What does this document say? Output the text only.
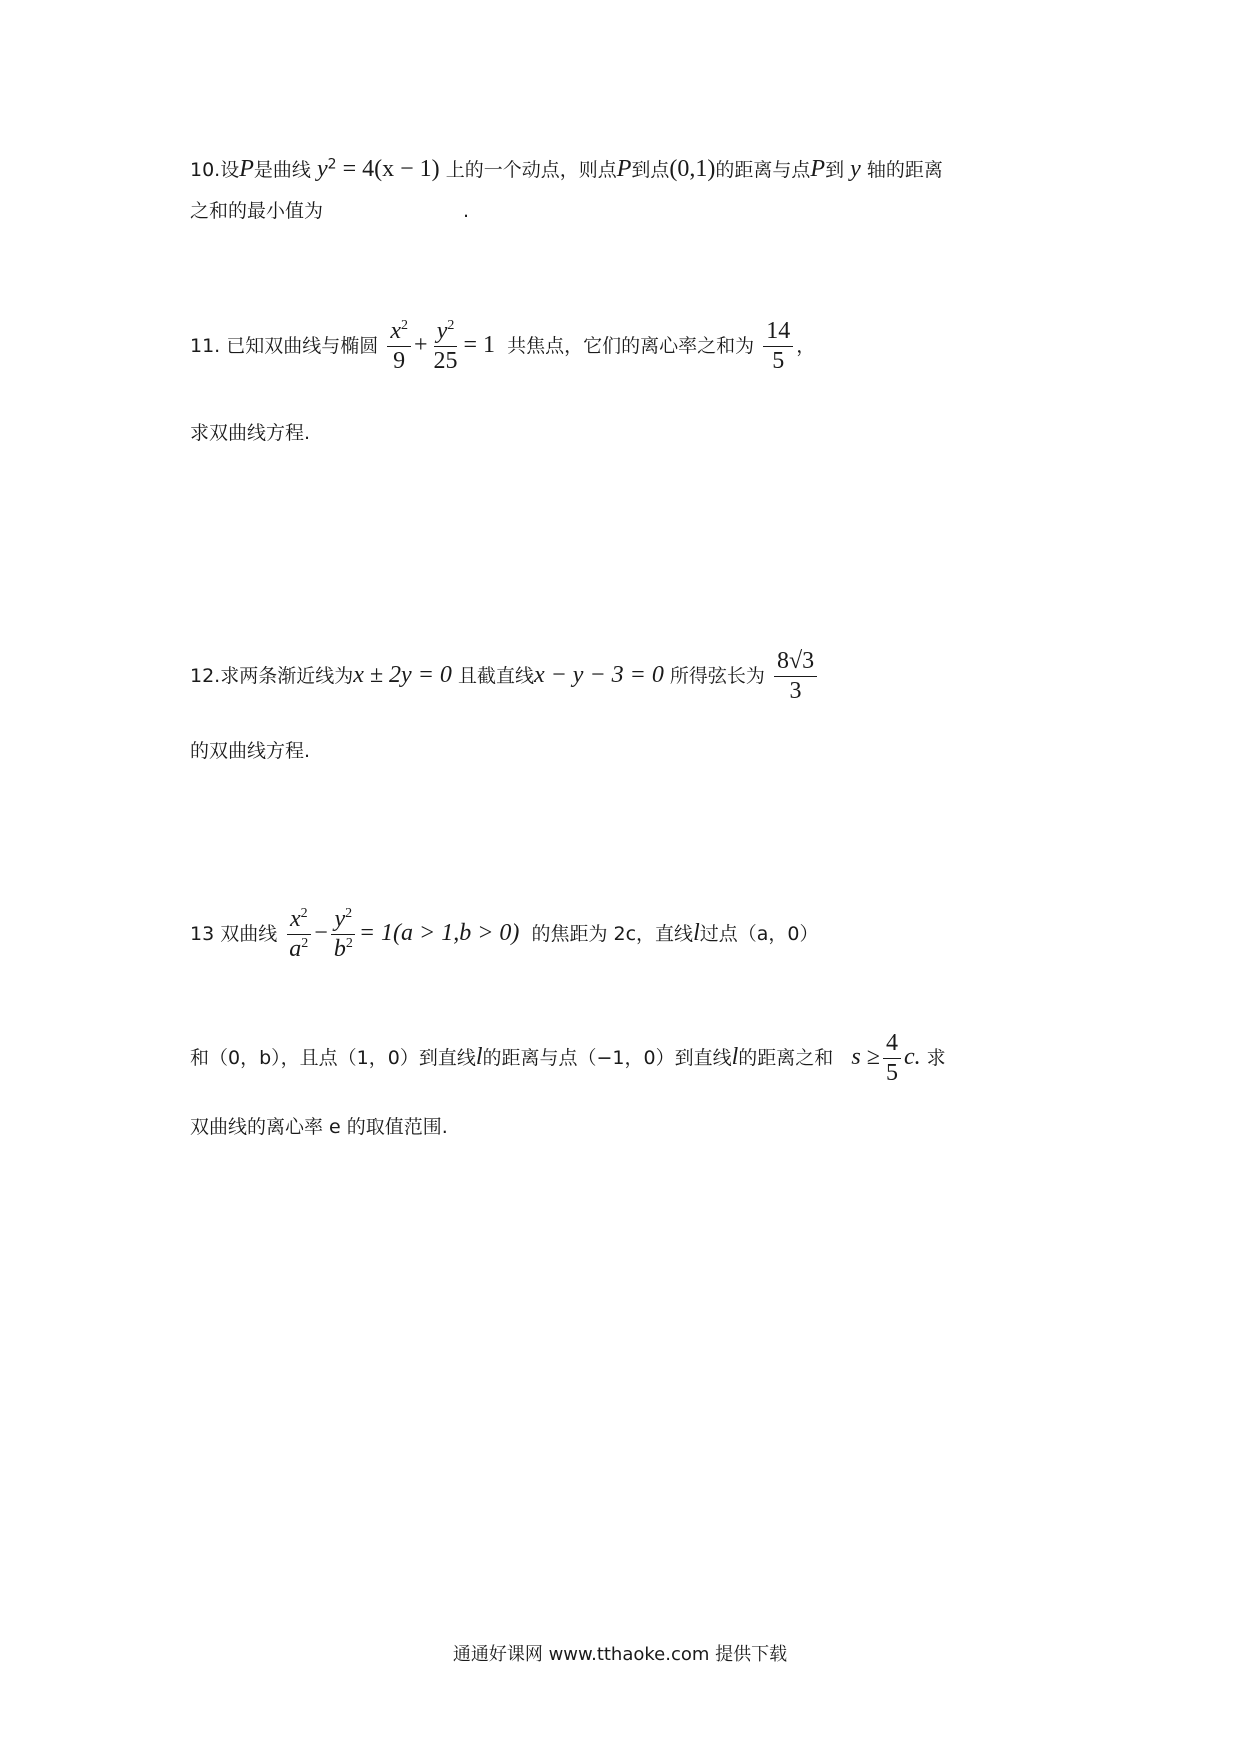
10.设P是曲线 $y^2 = 4(x - 1)$ 上的一个动点，则点P到点(0,1)的距离与点P到 y 轴的距离
之和的最小值为	.
11. 已知双曲线与椭圆 $\frac{x^2}{9} + \frac{y^2}{25} = 1$ 共焦点，它们的离心率之和为 $\frac{14}{5}$ ，
求双曲线方程.
12.求两条渐近线为x ± 2y = 0 且截直线x − y − 3 = 0 所得弦长为 $\frac{8√3}{3}$
的双曲线方程.
13 双曲线 $\frac{x^2}{a^2} - \frac{y^2}{b^2} = 1(a > 1,b > 0)$ 的焦距为 2c，直线l过点（a，0）
和（0，b），且点（1，0）到直线l的距离与点（−1，0）到直线l的距离之和 $s \ge \frac{4}{5} c$. 求
双曲线的离心率 e 的取值范围.
通通好课网 www.tthaoke.com 提供下载
